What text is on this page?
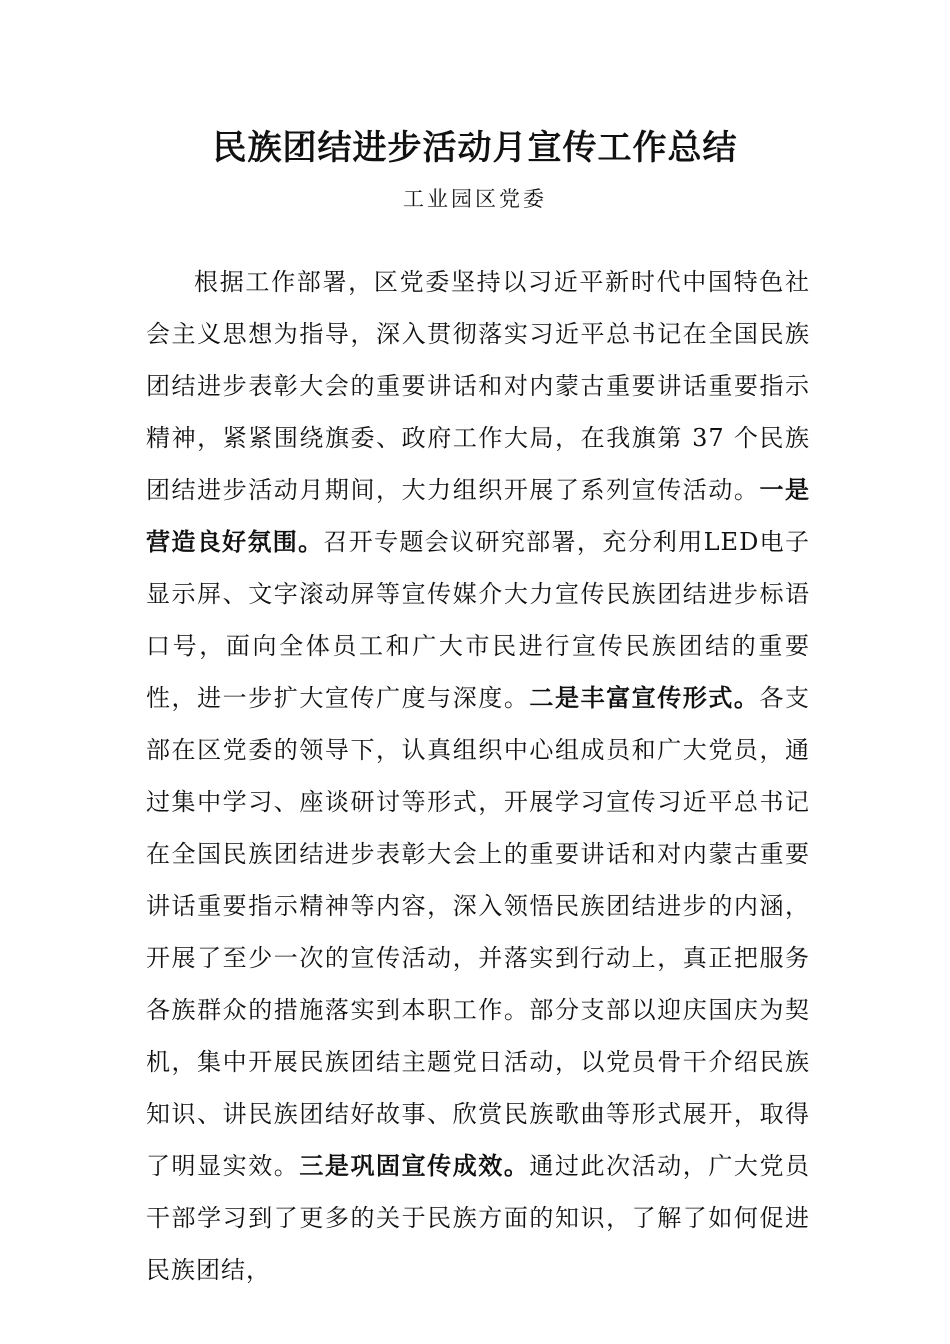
民族团结进步活动月宣传工作总结
工业园区党委

根据工作部署，区党委坚持以习近平新时代中国特色社会主义思想为指导，深入贯彻落实习近平总书记在全国民族团结进步表彰大会的重要讲话和对内蒙古重要讲话重要指示精神，紧紧围绕旗委、政府工作大局，在我旗第 37 个民族团结进步活动月期间，大力组织开展了系列宣传活动。一是营造良好氛围。召开专题会议研究部署，充分利用LED电子显示屏、文字滚动屏等宣传媒介大力宣传民族团结进步标语口号，面向全体员工和广大市民进行宣传民族团结的重要性，进一步扩大宣传广度与深度。二是丰富宣传形式。各支部在区党委的领导下，认真组织中心组成员和广大党员，通过集中学习、座谈研讨等形式，开展学习宣传习近平总书记在全国民族团结进步表彰大会上的重要讲话和对内蒙古重要讲话重要指示精神等内容，深入领悟民族团结进步的内涵，开展了至少一次的宣传活动，并落实到行动上，真正把服务各族群众的措施落实到本职工作。部分支部以迎庆国庆为契机，集中开展民族团结主题党日活动，以党员骨干介绍民族知识、讲民族团结好故事、欣赏民族歌曲等形式展开，取得了明显实效。三是巩固宣传成效。通过此次活动，广大党员干部学习到了更多的关于民族方面的知识，了解了如何促进民族团结，
